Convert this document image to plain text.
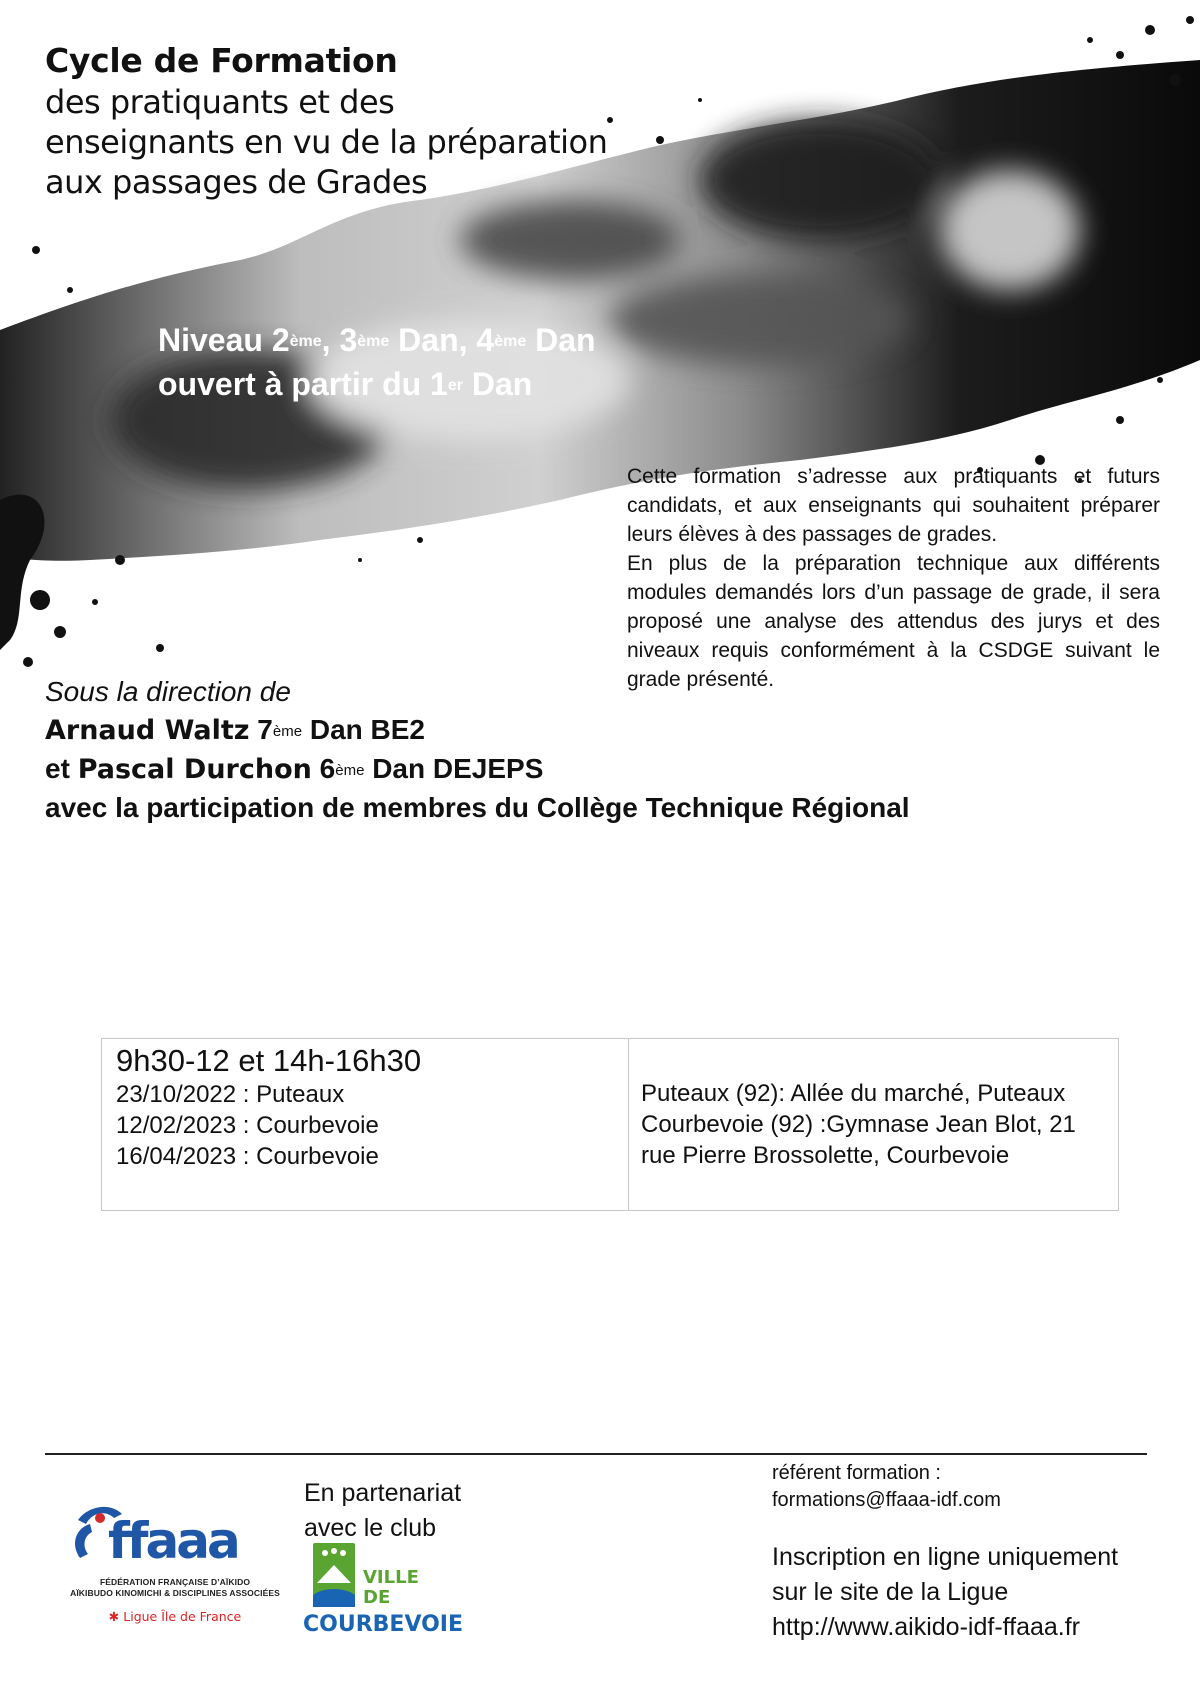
Cycle de Formation
des pratiquants et des
enseignants en vu de la préparation
aux passages de Grades
Niveau 2ème, 3ème Dan, 4ème Dan
ouvert à partir du 1er Dan

Cette formation s’adresse aux pratiquants et futurs candidats, et aux enseignants qui souhaitent préparer leurs élèves à des passages de grades.

En plus de la préparation technique aux différents modules demandés lors d’un passage de grade, il sera proposé une analyse des attendus des jurys et des niveaux requis conformément à la CSDGE suivant le grade présenté.

Sous la direction de
Arnaud Waltz 7ème Dan BE2
et Pascal Durchon 6ème Dan DEJEPS
avec la participation de membres du Collège Technique Régional
9h30-12 et 14h-16h30
23/10/2022 : Puteaux
12/02/2023 : Courbevoie
16/04/2023 : Courbevoie

Puteaux (92): Allée du marché, Puteaux
Courbevoie (92) :Gymnase Jean Blot, 21
rue Pierre Brossolette, Courbevoie
ffaaa
FÉDÉRATION FRANÇAISE D’AÏKIDO
AÏKIBUDO KINOMICHI & DISCIPLINES ASSOCIÉES
✱ Ligue Île de France
En partenariat
avec le club
VILLE
DE
COURBEVOIE
référent formation :
formations@ffaaa-idf.com
Inscription en ligne uniquement
sur le site de la Ligue
http://www.aikido-idf-ffaaa.fr
